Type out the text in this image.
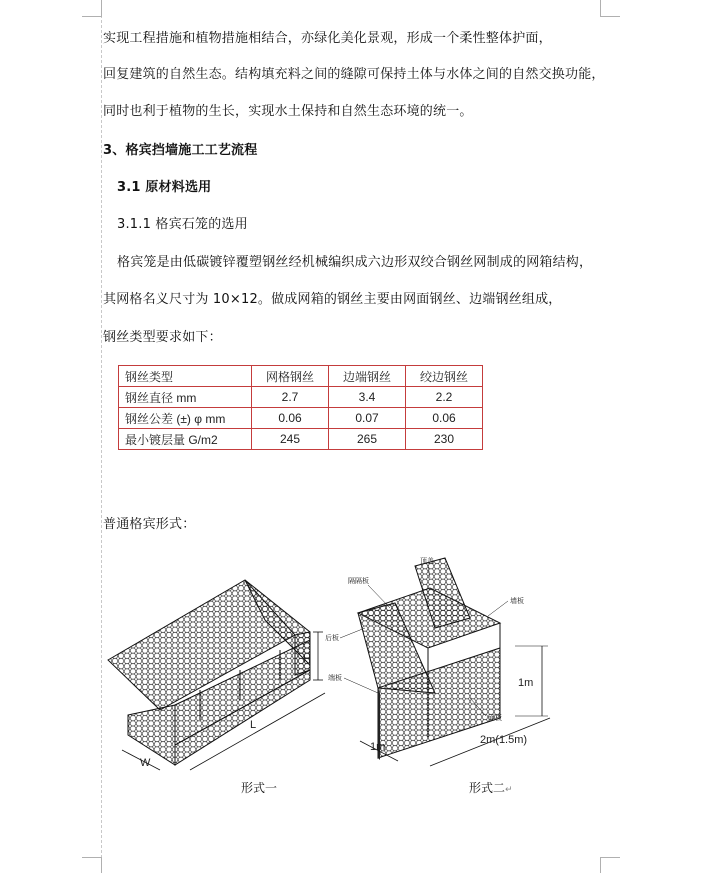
实现工程措施和植物措施相结合，亦绿化美化景观，形成一个柔性整体护面，
回复建筑的自然生态。结构填充料之间的缝隙可保持土体与水体之间的自然交换功能，
同时也利于植物的生长，实现水土保持和自然生态环境的统一。
3、格宾挡墙施工工艺流程
3.1 原材料选用
3.1.1 格宾石笼的选用
格宾笼是由低碳镀锌覆塑钢丝经机械编织成六边形双绞合钢丝网制成的网箱结构，
其网格名义尺寸为 10×12。做成网箱的钢丝主要由网面钢丝、边端钢丝组成，
钢丝类型要求如下：
钢丝类型	网格钢丝	边端钢丝	绞边钢丝
钢丝直径 mm	2.7	3.4	2.2
钢丝公差 (±) φ mm	0.06	0.07	0.06
最小镀层量 G/m2	245	265	230
普通格宾形式：
H
L
W
形式一
顶盖
隔隔板
墙板
后板
端板
面板
1m
1m
2m(1.5m)
形式二↵
